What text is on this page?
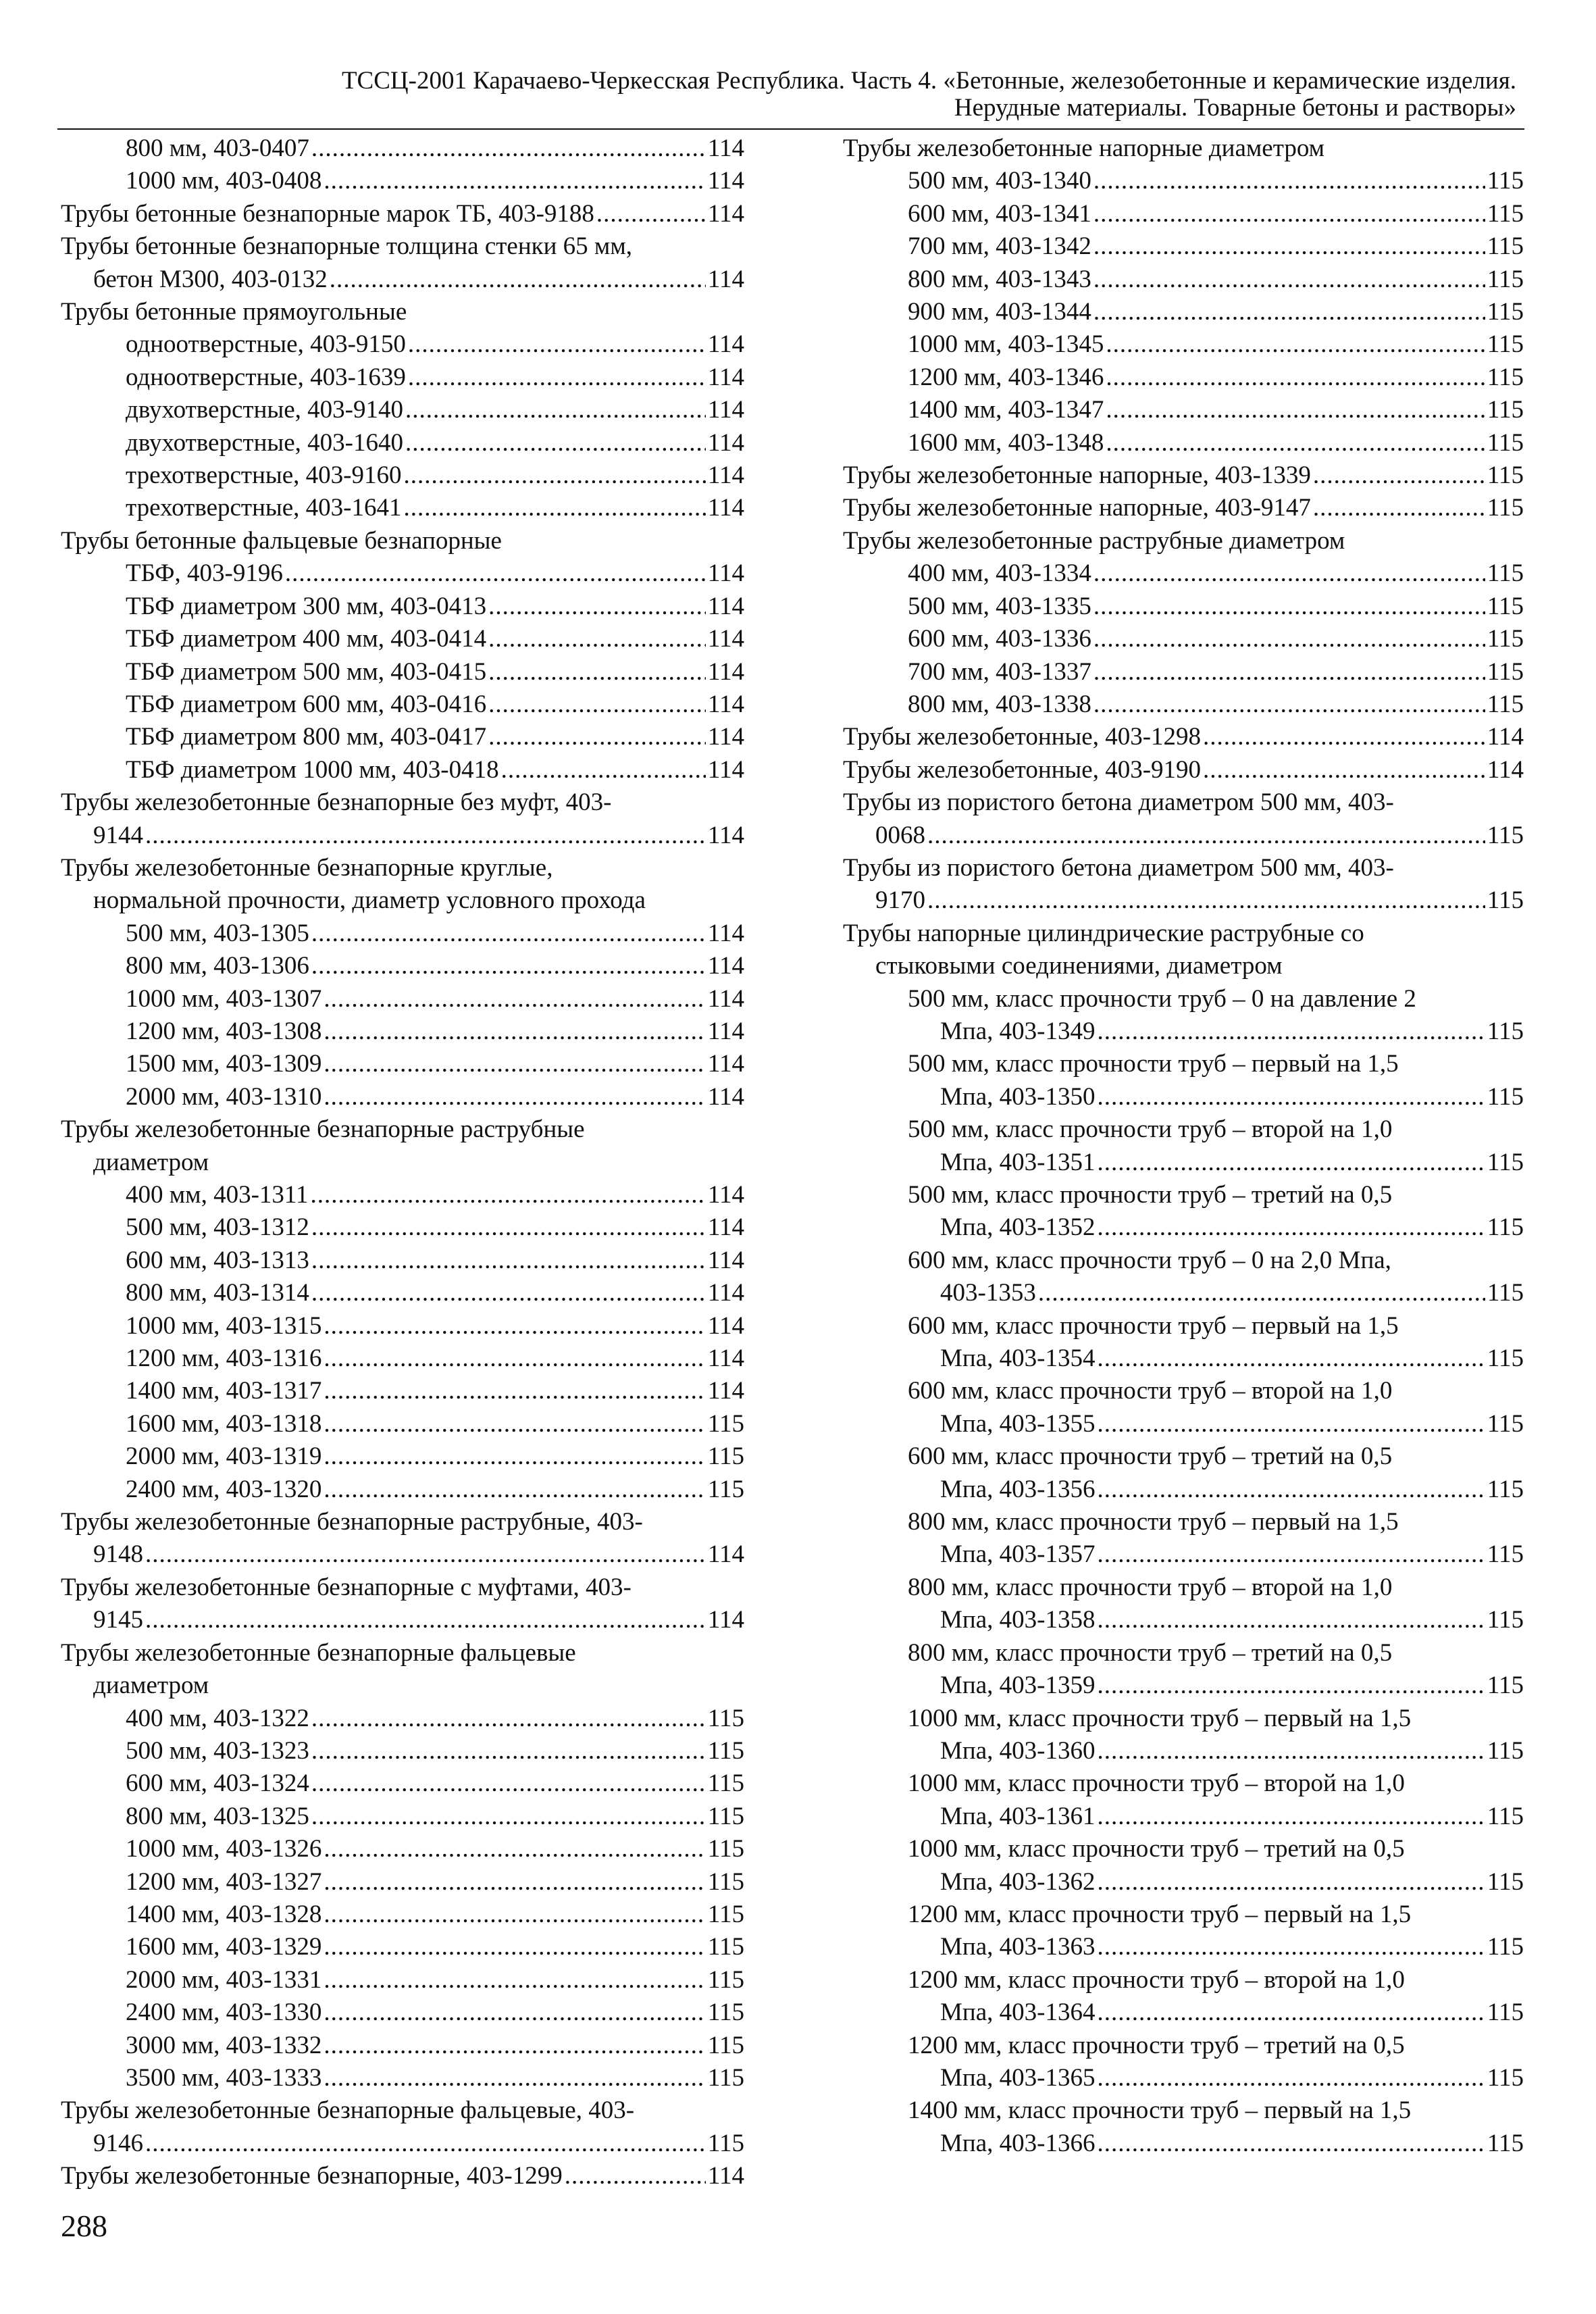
ТССЦ-2001 Карачаево-Черкесская Республика. Часть 4. «Бетонные, железобетонные и керамические изделия.
Нерудные материалы. Товарные бетоны и растворы»
800 мм, 403-0407 .....	114
1000 мм, 403-0408 .....	114
Трубы бетонные безнапорные марок ТБ, 403-9188 .....	114
Трубы бетонные безнапорные толщина стенки 65 мм,
бетон М300, 403-0132 .....	114
Трубы бетонные прямоугольные
одноотверстные, 403-9150 .....	114
одноотверстные, 403-1639 .....	114
двухотверстные, 403-9140 .....	114
двухотверстные, 403-1640 .....	114
трехотверстные, 403-9160 .....	114
трехотверстные, 403-1641 .....	114
Трубы бетонные фальцевые безнапорные
ТБФ, 403-9196 .....	114
ТБФ диаметром 300 мм, 403-0413 .....	114
ТБФ диаметром 400 мм, 403-0414 .....	114
ТБФ диаметром 500 мм, 403-0415 .....	114
ТБФ диаметром 600 мм, 403-0416 .....	114
ТБФ диаметром 800 мм, 403-0417 .....	114
ТБФ диаметром 1000 мм, 403-0418 .....	114
Трубы железобетонные безнапорные без муфт, 403-
9144 .....	114
Трубы железобетонные безнапорные круглые,
нормальной прочности, диаметр условного прохода
500 мм, 403-1305 .....	114
800 мм, 403-1306 .....	114
1000 мм, 403-1307 .....	114
1200 мм, 403-1308 .....	114
1500 мм, 403-1309 .....	114
2000 мм, 403-1310 .....	114
Трубы железобетонные безнапорные раструбные
диаметром
400 мм, 403-1311 .....	114
500 мм, 403-1312 .....	114
600 мм, 403-1313 .....	114
800 мм, 403-1314 .....	114
1000 мм, 403-1315 .....	114
1200 мм, 403-1316 .....	114
1400 мм, 403-1317 .....	114
1600 мм, 403-1318 .....	115
2000 мм, 403-1319 .....	115
2400 мм, 403-1320 .....	115
Трубы железобетонные безнапорные раструбные, 403-
9148 .....	114
Трубы железобетонные безнапорные с муфтами, 403-
9145 .....	114
Трубы железобетонные безнапорные фальцевые
диаметром
400 мм, 403-1322 .....	115
500 мм, 403-1323 .....	115
600 мм, 403-1324 .....	115
800 мм, 403-1325 .....	115
1000 мм, 403-1326 .....	115
1200 мм, 403-1327 .....	115
1400 мм, 403-1328 .....	115
1600 мм, 403-1329 .....	115
2000 мм, 403-1331 .....	115
2400 мм, 403-1330 .....	115
3000 мм, 403-1332 .....	115
3500 мм, 403-1333 .....	115
Трубы железобетонные безнапорные фальцевые, 403-
9146 .....	115
Трубы железобетонные безнапорные, 403-1299 .....	114
Трубы железобетонные напорные диаметром
500 мм, 403-1340 .....	115
600 мм, 403-1341 .....	115
700 мм, 403-1342 .....	115
800 мм, 403-1343 .....	115
900 мм, 403-1344 .....	115
1000 мм, 403-1345 .....	115
1200 мм, 403-1346 .....	115
1400 мм, 403-1347 .....	115
1600 мм, 403-1348 .....	115
Трубы железобетонные напорные, 403-1339 .....	115
Трубы железобетонные напорные, 403-9147 .....	115
Трубы железобетонные раструбные диаметром
400 мм, 403-1334 .....	115
500 мм, 403-1335 .....	115
600 мм, 403-1336 .....	115
700 мм, 403-1337 .....	115
800 мм, 403-1338 .....	115
Трубы железобетонные, 403-1298 .....	114
Трубы железобетонные, 403-9190 .....	114
Трубы из пористого бетона диаметром 500 мм, 403-
0068 .....	115
Трубы из пористого бетона диаметром 500 мм, 403-
9170 .....	115
Трубы напорные цилиндрические раструбные со
стыковыми соединениями, диаметром
500 мм, класс прочности труб – 0 на давление 2
Мпа, 403-1349 .....	115
500 мм, класс прочности труб – первый на 1,5
Мпа, 403-1350 .....	115
500 мм, класс прочности труб – второй на 1,0
Мпа, 403-1351 .....	115
500 мм, класс прочности труб – третий на 0,5
Мпа, 403-1352 .....	115
600 мм, класс прочности труб – 0 на 2,0 Мпа,
403-1353 .....	115
600 мм, класс прочности труб – первый на 1,5
Мпа, 403-1354 .....	115
600 мм, класс прочности труб – второй на 1,0
Мпа, 403-1355 .....	115
600 мм, класс прочности труб – третий на 0,5
Мпа, 403-1356 .....	115
800 мм, класс прочности труб – первый на 1,5
Мпа, 403-1357 .....	115
800 мм, класс прочности труб – второй на 1,0
Мпа, 403-1358 .....	115
800 мм, класс прочности труб – третий на 0,5
Мпа, 403-1359 .....	115
1000 мм, класс прочности труб – первый на 1,5
Мпа, 403-1360 .....	115
1000 мм, класс прочности труб – второй на 1,0
Мпа, 403-1361 .....	115
1000 мм, класс прочности труб – третий на 0,5
Мпа, 403-1362 .....	115
1200 мм, класс прочности труб – первый на 1,5
Мпа, 403-1363 .....	115
1200 мм, класс прочности труб – второй на 1,0
Мпа, 403-1364 .....	115
1200 мм, класс прочности труб – третий на 0,5
Мпа, 403-1365 .....	115
1400 мм, класс прочности труб – первый на 1,5
Мпа, 403-1366 .....	115
288
